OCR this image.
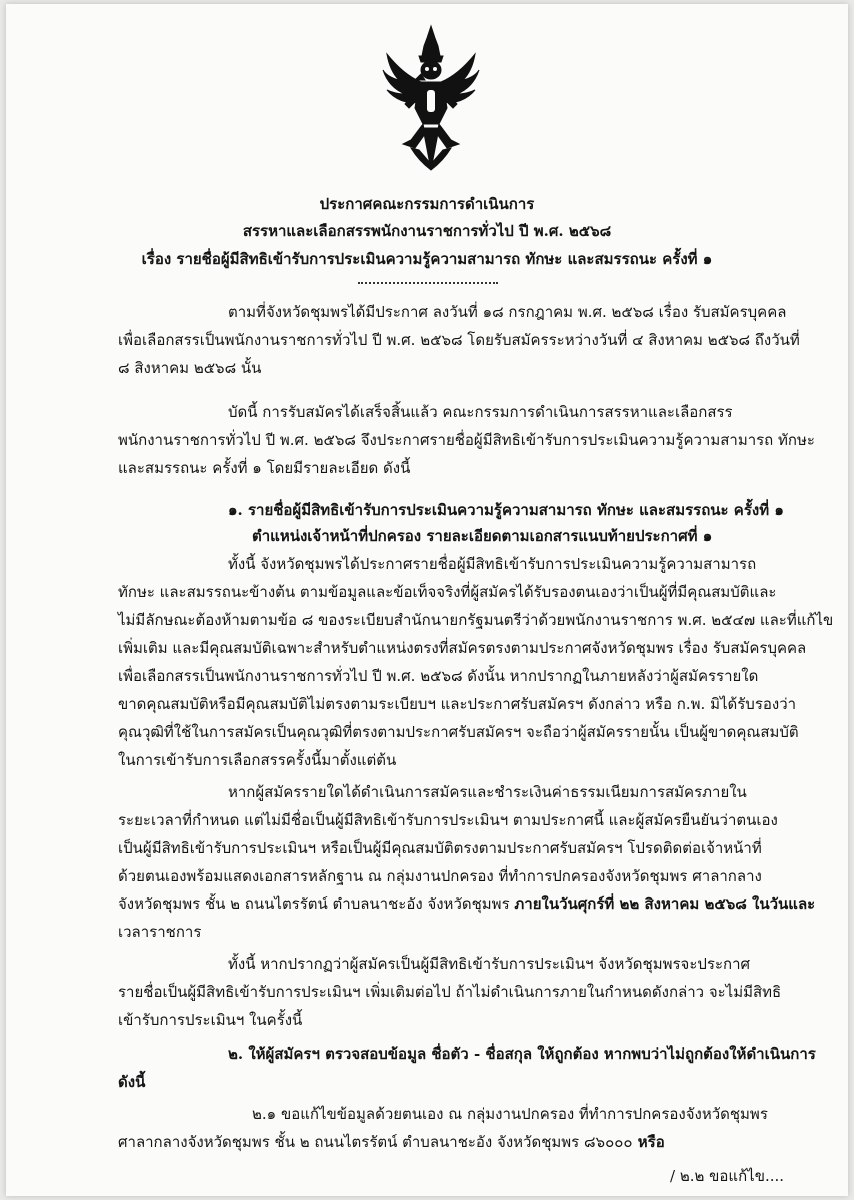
ประกาศคณะกรรมการดำเนินการ
สรรหาและเลือกสรรพนักงานราชการทั่วไป ปี พ.ศ. ๒๕๖๘
เรื่อง รายชื่อผู้มีสิทธิเข้ารับการประเมินความรู้ความสามารถ ทักษะ และสมรรถนะ ครั้งที่ ๑
ตามที่จังหวัดชุมพรได้มีประกาศ ลงวันที่ ๑๘ กรกฎาคม พ.ศ. ๒๕๖๘ เรื่อง รับสมัครบุคคล
เพื่อเลือกสรรเป็นพนักงานราชการทั่วไป ปี พ.ศ. ๒๕๖๘ โดยรับสมัครระหว่างวันที่ ๔ สิงหาคม ๒๕๖๘ ถึงวันที่
๘ สิงหาคม ๒๕๖๘ นั้น
บัดนี้ การรับสมัครได้เสร็จสิ้นแล้ว คณะกรรมการดำเนินการสรรหาและเลือกสรร
พนักงานราชการทั่วไป ปี พ.ศ. ๒๕๖๘ จึงประกาศรายชื่อผู้มีสิทธิเข้ารับการประเมินความรู้ความสามารถ ทักษะ
และสมรรถนะ ครั้งที่ ๑ โดยมีรายละเอียด ดังนี้
๑. รายชื่อผู้มีสิทธิเข้ารับการประเมินความรู้ความสามารถ ทักษะ และสมรรถนะ ครั้งที่ ๑
ตำแหน่งเจ้าหน้าที่ปกครอง รายละเอียดตามเอกสารแนบท้ายประกาศที่ ๑
ทั้งนี้ จังหวัดชุมพรได้ประกาศรายชื่อผู้มีสิทธิเข้ารับการประเมินความรู้ความสามารถ
ทักษะ และสมรรถนะข้างต้น ตามข้อมูลและข้อเท็จจริงที่ผู้สมัครได้รับรองตนเองว่าเป็นผู้ที่มีคุณสมบัติและ
ไม่มีลักษณะต้องห้ามตามข้อ ๘ ของระเบียบสำนักนายกรัฐมนตรีว่าด้วยพนักงานราชการ พ.ศ. ๒๕๔๗ และที่แก้ไข
เพิ่มเติม และมีคุณสมบัติเฉพาะสำหรับตำแหน่งตรงที่สมัครตรงตามประกาศจังหวัดชุมพร เรื่อง รับสมัครบุคคล
เพื่อเลือกสรรเป็นพนักงานราชการทั่วไป ปี พ.ศ. ๒๕๖๘ ดังนั้น หากปรากฏในภายหลังว่าผู้สมัครรายใด
ขาดคุณสมบัติหรือมีคุณสมบัติไม่ตรงตามระเบียบฯ และประกาศรับสมัครฯ ดังกล่าว หรือ ก.พ. มิได้รับรองว่า
คุณวุฒิที่ใช้ในการสมัครเป็นคุณวุฒิที่ตรงตามประกาศรับสมัครฯ จะถือว่าผู้สมัครรายนั้น เป็นผู้ขาดคุณสมบัติ
ในการเข้ารับการเลือกสรรครั้งนี้มาตั้งแต่ต้น
หากผู้สมัครรายใดได้ดำเนินการสมัครและชำระเงินค่าธรรมเนียมการสมัครภายใน
ระยะเวลาที่กำหนด แต่ไม่มีชื่อเป็นผู้มีสิทธิเข้ารับการประเมินฯ ตามประกาศนี้ และผู้สมัครยืนยันว่าตนเอง
เป็นผู้มีสิทธิเข้ารับการประเมินฯ หรือเป็นผู้มีคุณสมบัติตรงตามประกาศรับสมัครฯ โปรดติดต่อเจ้าหน้าที่
ด้วยตนเองพร้อมแสดงเอกสารหลักฐาน ณ กลุ่มงานปกครอง ที่ทำการปกครองจังหวัดชุมพร ศาลากลาง
จังหวัดชุมพร ชั้น ๒ ถนนไตรรัตน์ ตำบลนาชะอัง จังหวัดชุมพร ภายในวันศุกร์ที่ ๒๒ สิงหาคม ๒๕๖๘ ในวันและ
เวลาราชการ
ทั้งนี้ หากปรากฏว่าผู้สมัครเป็นผู้มีสิทธิเข้ารับการประเมินฯ จังหวัดชุมพรจะประกาศ
รายชื่อเป็นผู้มีสิทธิเข้ารับการประเมินฯ เพิ่มเติมต่อไป ถ้าไม่ดำเนินการภายในกำหนดดังกล่าว จะไม่มีสิทธิ
เข้ารับการประเมินฯ ในครั้งนี้
๒. ให้ผู้สมัครฯ ตรวจสอบข้อมูล ชื่อตัว - ชื่อสกุล ให้ถูกต้อง หากพบว่าไม่ถูกต้องให้ดำเนินการ
ดังนี้
๒.๑ ขอแก้ไขข้อมูลด้วยตนเอง ณ กลุ่มงานปกครอง ที่ทำการปกครองจังหวัดชุมพร
ศาลากลางจังหวัดชุมพร ชั้น ๒ ถนนไตรรัตน์ ตำบลนาชะอัง จังหวัดชุมพร ๘๖๐๐๐ หรือ
/ ๒.๒ ขอแก้ไข....
